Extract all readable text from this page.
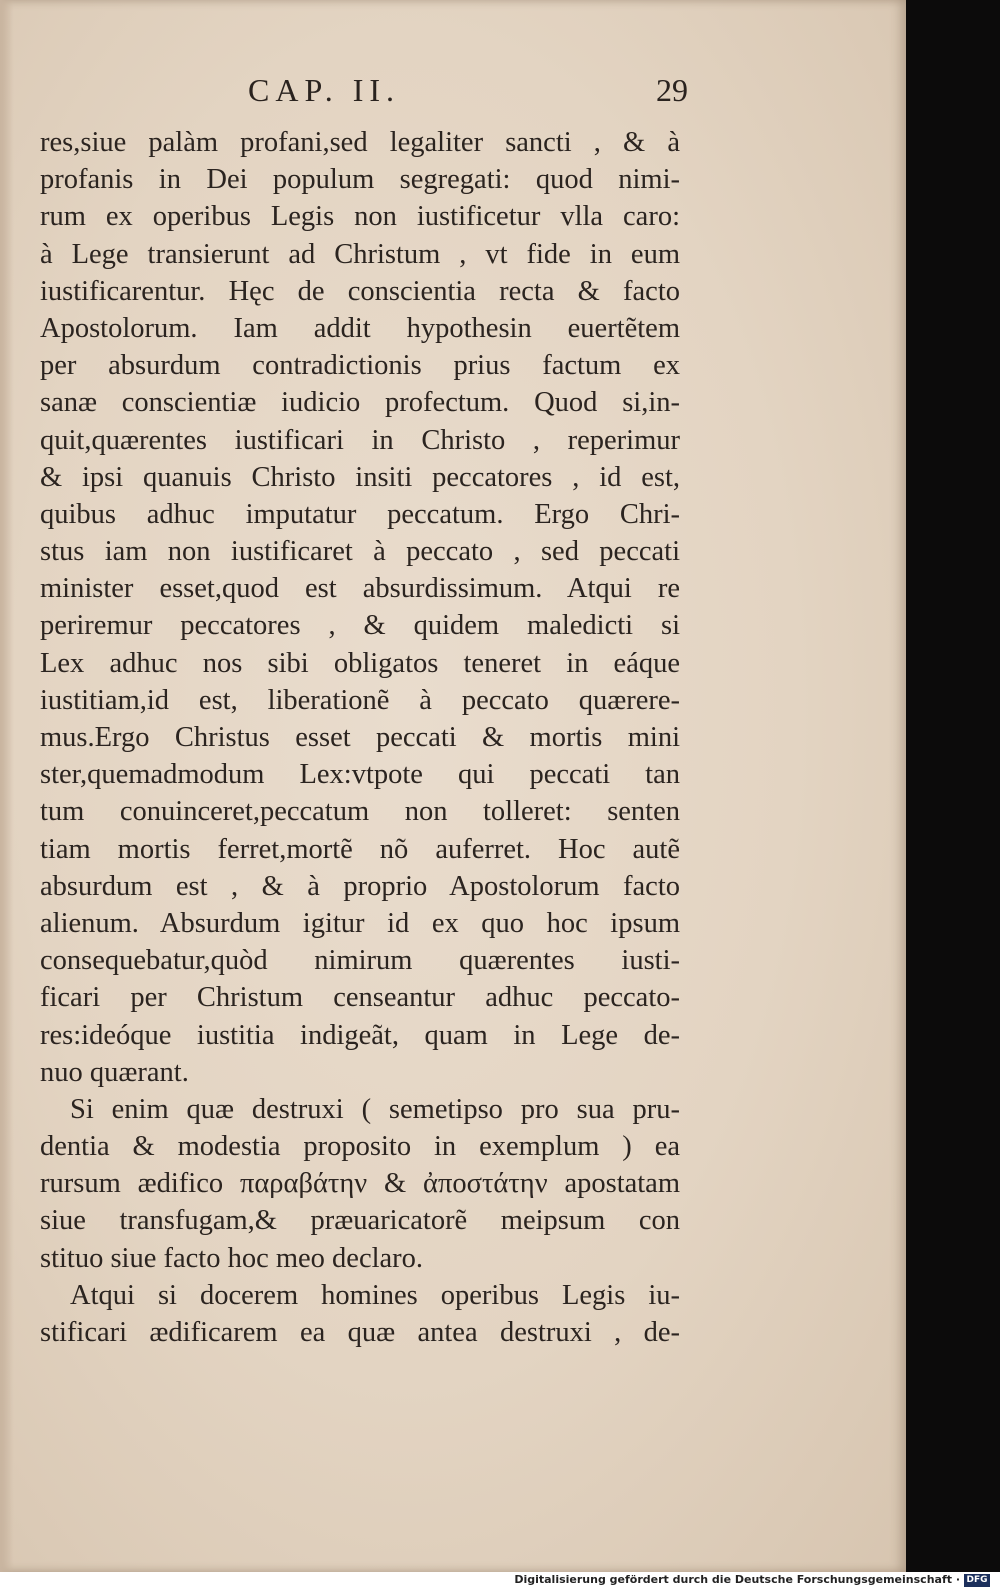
CAP. II.	29
res,siue palàm profani,sed legaliter sancti , & à
profanis in Dei populum segregati: quod nimi-
rum ex operibus Legis non iustificetur vlla caro:
à Lege transierunt ad Christum , vt fide in eum
iustificarentur. Hęc de conscientia recta & facto
Apostolorum. Iam addit hypothesin euertẽtem
per absurdum contradictionis prius factum ex
sanæ conscientiæ iudicio profectum. Quod si,in-
quit,quærentes iustificari in Christo , reperimur
& ipsi quanuis Christo insiti peccatores , id est,
quibus adhuc imputatur peccatum. Ergo Chri-
stus iam non iustificaret à peccato , sed peccati
minister esset,quod est absurdissimum. Atqui re
periremur peccatores , & quidem maledicti si
Lex adhuc nos sibi obligatos teneret in eáque
iustitiam,id est, liberationẽ à peccato quærere-
mus.Ergo Christus esset peccati & mortis mini
ster,quemadmodum Lex:vtpote qui peccati tan
tum conuinceret,peccatum non tolleret: senten
tiam mortis ferret,mortẽ nõ auferret. Hoc autẽ
absurdum est , & à proprio Apostolorum facto
alienum. Absurdum igitur id ex quo hoc ipsum
consequebatur,quòd nimirum quærentes iusti-
ficari per Christum censeantur adhuc peccato-
res:ideóque iustitia indigeãt, quam in Lege de-
nuo quærant.
Si enim quæ destruxi ( semetipso pro sua pru-
dentia & modestia proposito in exemplum ) ea
rursum ædifico παραβάτην & ἀποστάτην apostatam
siue transfugam,& præuaricatorẽ meipsum con
stituo siue facto hoc meo declaro.
Atqui si docerem homines operibus Legis iu-
stificari ædificarem ea quæ antea destruxi , de-
Digitalisierung gefördert durch die Deutsche Forschungsgemeinschaft · DFG
